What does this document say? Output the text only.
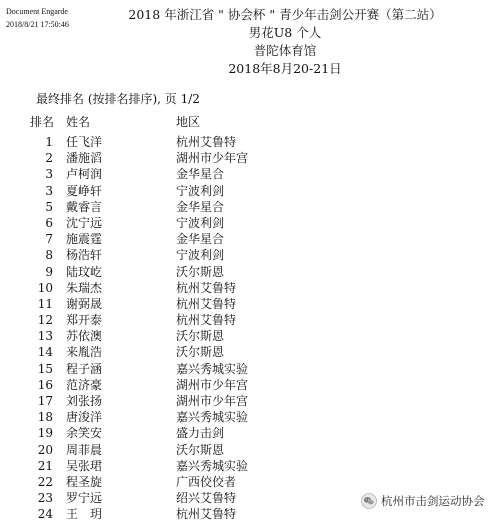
Document Engarde
2018/8/21 17:50:46
2018 年浙江省 " 协会杯 " 青少年击剑公开赛（第二站）
男花U8 个人
普陀体育馆
2018年8月20-21日
最终排名 (按排名排序), 页 1/2
排名 姓名	地区
1 任飞洋	杭州艾鲁特
2 潘施滔	湖州市少年宫
3 卢柯润	金华星合
3 夏峥轩	宁波利剑
5 戴睿言	金华星合
6 沈宁远	宁波利剑
7 施震霆	金华星合
8 杨浩轩	宁波利剑
9 陆玟屹	沃尔斯恩
10 朱瑞杰	杭州艾鲁特
11 谢弼晟	杭州艾鲁特
12 郑开泰	杭州艾鲁特
13 苏依澳	沃尔斯恩
14 来胤浩	沃尔斯恩
15 程子涵	嘉兴秀城实验
16 范济豪	湖州市少年宫
17 刘张扬	湖州市少年宫
18 唐浚洋	嘉兴秀城实验
19 余笑安	盛力击剑
20 周菲晨	沃尔斯恩
21 吴张珺	嘉兴秀城实验
22 程圣旋	广西佼佼者
23 罗宁远	绍兴艾鲁特
24 王　玥	杭州艾鲁特
杭州市击剑运动协会
